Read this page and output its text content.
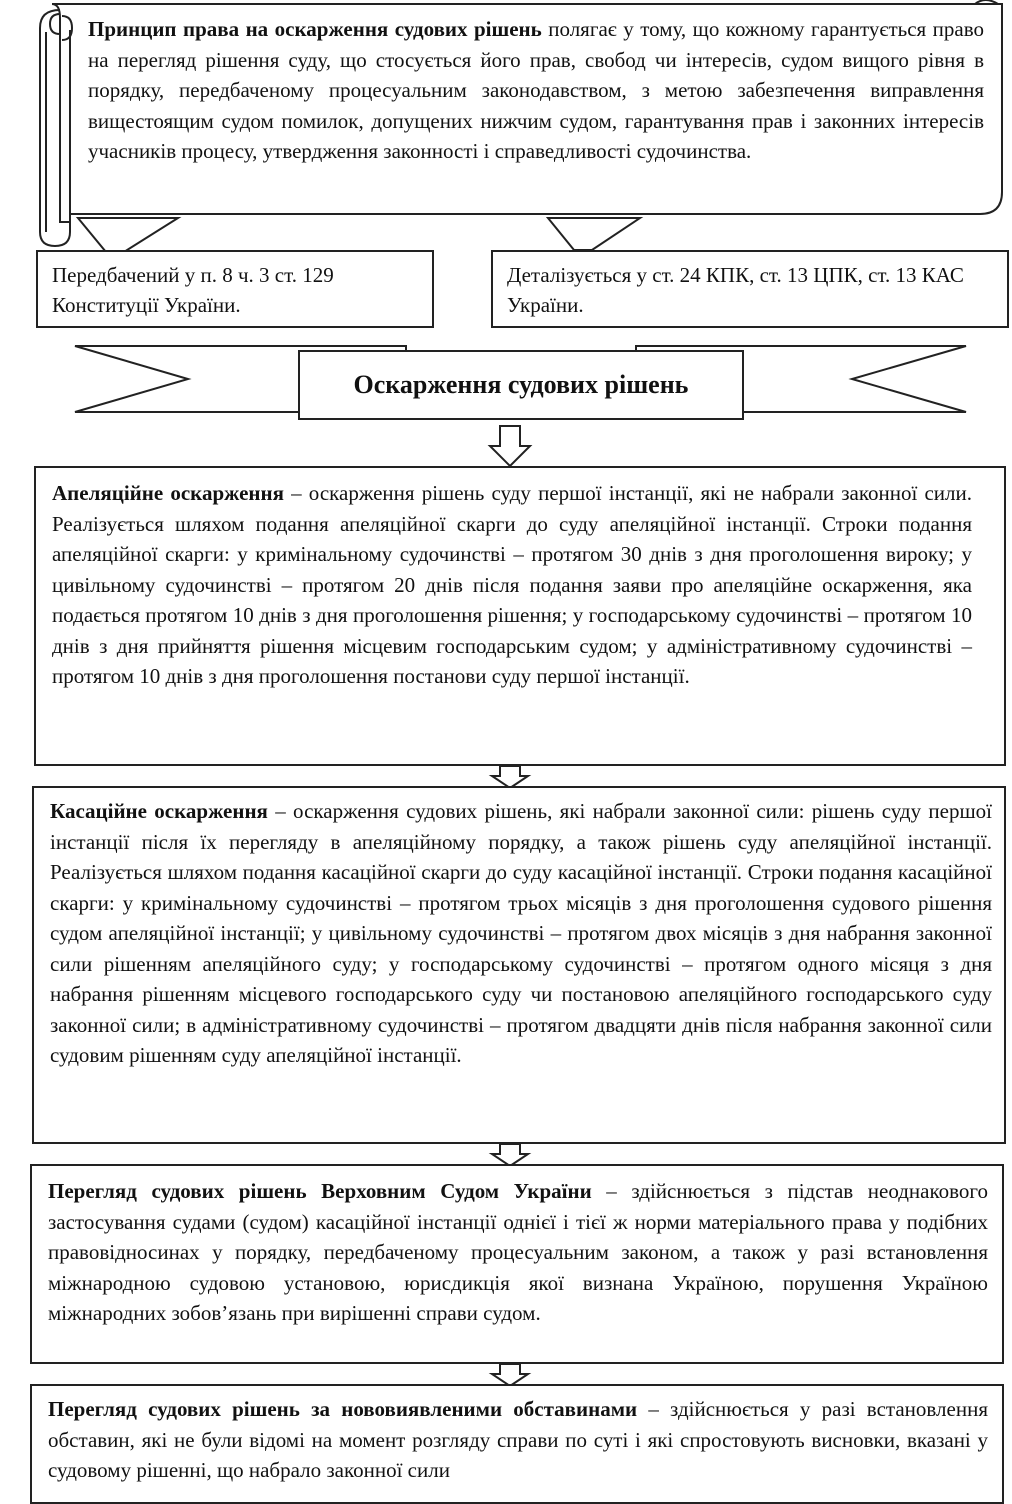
Принцип права на оскарження судових рішень полягає у тому, що кожному гарантується право на перегляд рішення суду, що стосується його прав, свобод чи інтересів, судом вищого рівня в порядку, передбаченому процесуальним законодавством, з метою забезпечення виправлення вищестоящим судом помилок, допущених нижчим судом, гарантування прав і законних інтересів учасників процесу, утвердження законності і справедливості судочинства.

Передбачений у п. 8 ч. 3 ст. 129 Конституції України.
Деталізується у ст. 24 КПК, ст. 13 ЦПК, ст. 13 КАС України.
Оскарження судових рішень

Апеляційне оскарження – оскарження рішень суду першої інстанції, які не набрали законної сили. Реалізується шляхом подання апеляційної скарги до суду апеляційної інстанції. Строки подання апеляційної скарги: у кримінальному судочинстві – протягом 30 днів з дня проголошення вироку; у цивільному судочинстві – протягом 20 днів після подання заяви про апеляційне оскарження, яка подається протягом 10 днів з дня проголошення рішення; у господарському судочинстві – протягом 10 днів з дня прийняття рішення місцевим господарським судом; у адміністративному судочинстві – протягом 10 днів з дня проголошення постанови суду першої інстанції.

Касаційне оскарження – оскарження судових рішень, які набрали законної сили: рішень суду першої інстанції після їх перегляду в апеляційному порядку, а також рішень суду апеляційної інстанції. Реалізується шляхом подання касаційної скарги до суду касаційної інстанції. Строки подання касаційної скарги: у кримінальному судочинстві – протягом трьох місяців з дня проголошення судового рішення судом апеляційної інстанції; у цивільному судочинстві – протягом двох місяців з дня набрання законної сили рішенням апеляційного суду; у господарському судочинстві – протягом одного місяця з дня набрання рішенням місцевого господарського суду чи постановою апеляційного господарського суду законної сили; в адміністративному судочинстві – протягом двадцяти днів після набрання законної сили судовим рішенням суду апеляційної інстанції.

Перегляд судових рішень Верховним Судом України – здійснюється з підстав неоднакового застосування судами (судом) касаційної інстанції однієї і тієї ж норми матеріального права у подібних правовідносинах у порядку, передбаченому процесуальним законом, а також у разі встановлення міжнародною судовою установою, юрисдикція якої визнана Україною, порушення Україною міжнародних зобов’язань при вирішенні справи судом.

Перегляд судових рішень за нововиявленими обставинами – здійснюється у разі встановлення обставин, які не були відомі на момент розгляду справи по суті і які спростовують висновки, вказані у судовому рішенні, що набрало законної сили
